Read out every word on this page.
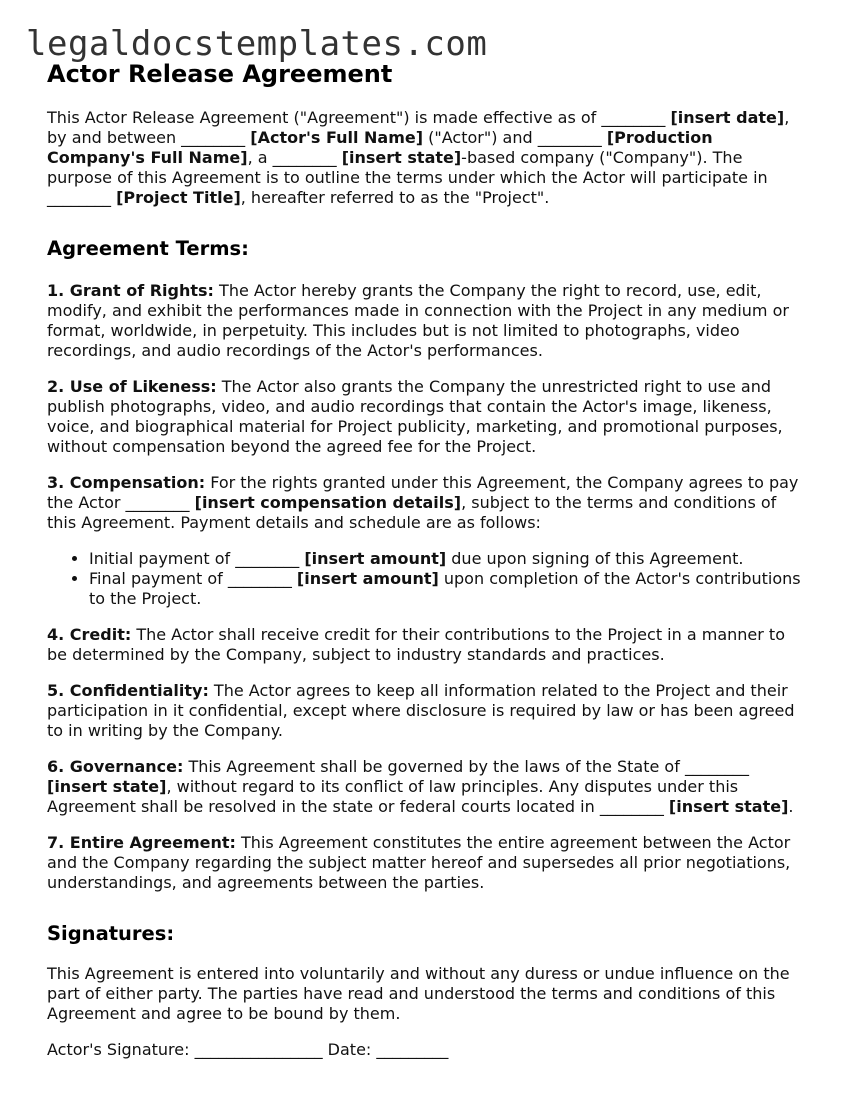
legaldocstemplates.com
Actor Release Agreement

This Actor Release Agreement ("Agreement") is made effective as of ________ [insert date], by and between ________ [Actor's Full Name] ("Actor") and ________ [Production Company's Full Name], a ________ [insert state]-based company ("Company"). The purpose of this Agreement is to outline the terms under which the Actor will participate in ________ [Project Title], hereafter referred to as the "Project".

Agreement Terms:

1. Grant of Rights: The Actor hereby grants the Company the right to record, use, edit, modify, and exhibit the performances made in connection with the Project in any medium or format, worldwide, in perpetuity. This includes but is not limited to photographs, video recordings, and audio recordings of the Actor's performances.

2. Use of Likeness: The Actor also grants the Company the unrestricted right to use and publish photographs, video, and audio recordings that contain the Actor's image, likeness, voice, and biographical material for Project publicity, marketing, and promotional purposes, without compensation beyond the agreed fee for the Project.

3. Compensation: For the rights granted under this Agreement, the Company agrees to pay the Actor ________ [insert compensation details], subject to the terms and conditions of this Agreement. Payment details and schedule are as follows:

• Initial payment of ________ [insert amount] due upon signing of this Agreement.
• Final payment of ________ [insert amount] upon completion of the Actor's contributions to the Project.

4. Credit: The Actor shall receive credit for their contributions to the Project in a manner to be determined by the Company, subject to industry standards and practices.

5. Confidentiality: The Actor agrees to keep all information related to the Project and their participation in it confidential, except where disclosure is required by law or has been agreed to in writing by the Company.

6. Governance: This Agreement shall be governed by the laws of the State of ________ [insert state], without regard to its conflict of law principles. Any disputes under this Agreement shall be resolved in the state or federal courts located in ________ [insert state].

7. Entire Agreement: This Agreement constitutes the entire agreement between the Actor and the Company regarding the subject matter hereof and supersedes all prior negotiations, understandings, and agreements between the parties.

Signatures:

This Agreement is entered into voluntarily and without any duress or undue influence on the part of either party. The parties have read and understood the terms and conditions of this Agreement and agree to be bound by them.

Actor's Signature: ________________ Date: _________
